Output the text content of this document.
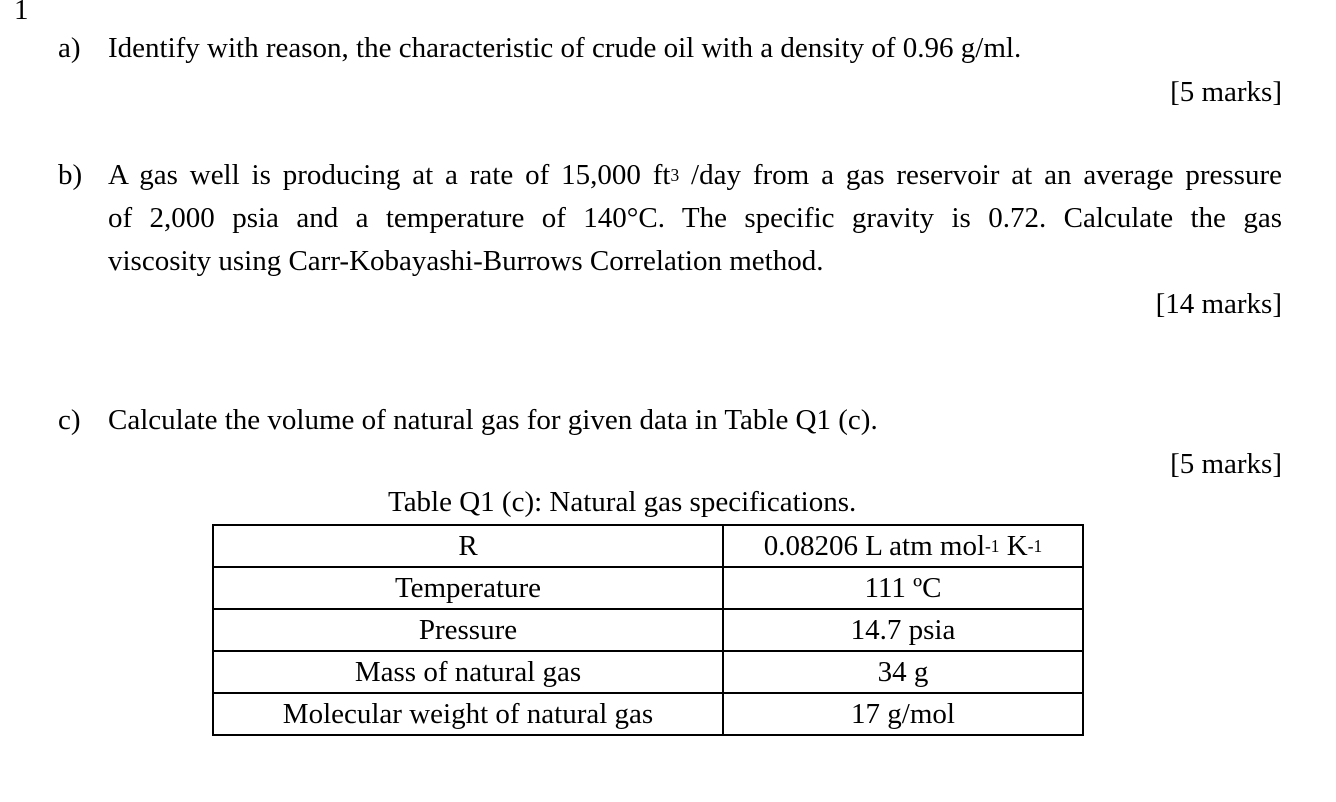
1
a) Identify with reason, the characteristic of crude oil with a density of 0.96 g/ml.
[5 marks]
b) A gas well is producing at a rate of 15,000 $ft^3$ /day from a gas reservoir at an average pressure
of 2,000 psia and a temperature of 140°C. The specific gravity is 0.72. Calculate the gas
viscosity using Carr-Kobayashi-Burrows Correlation method.
[14 marks]
c) Calculate the volume of natural gas for given data in Table Q1 (c).
[5 marks]
Table Q1 (c): Natural gas specifications.
R	0.08206 L atm mol$^{-1}$ $K^{-1}$
Temperature	111 ºC
Pressure	14.7 psia
Mass of natural gas	34 g
Molecular weight of natural gas	17 g/mol
